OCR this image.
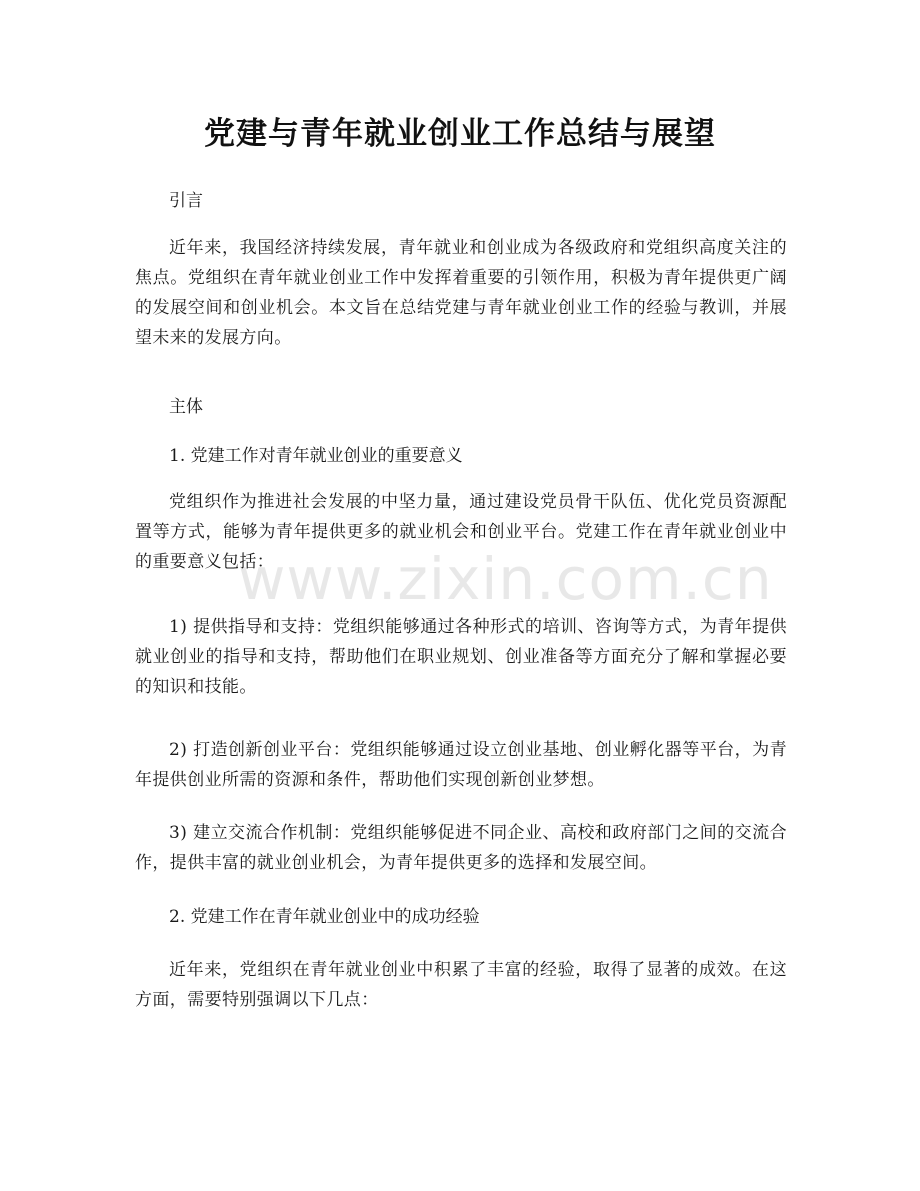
www.zixin.com.cn
党建与青年就业创业工作总结与展望

引言

近年来，我国经济持续发展，青年就业和创业成为各级政府和党组织高度关注的焦点。党组织在青年就业创业工作中发挥着重要的引领作用，积极为青年提供更广阔的发展空间和创业机会。本文旨在总结党建与青年就业创业工作的经验与教训，并展望未来的发展方向。

主体

1. 党建工作对青年就业创业的重要意义

党组织作为推进社会发展的中坚力量，通过建设党员骨干队伍、优化党员资源配置等方式，能够为青年提供更多的就业机会和创业平台。党建工作在青年就业创业中的重要意义包括：

1) 提供指导和支持：党组织能够通过各种形式的培训、咨询等方式，为青年提供就业创业的指导和支持，帮助他们在职业规划、创业准备等方面充分了解和掌握必要的知识和技能。

2) 打造创新创业平台：党组织能够通过设立创业基地、创业孵化器等平台，为青年提供创业所需的资源和条件，帮助他们实现创新创业梦想。

3) 建立交流合作机制：党组织能够促进不同企业、高校和政府部门之间的交流合作，提供丰富的就业创业机会，为青年提供更多的选择和发展空间。

2. 党建工作在青年就业创业中的成功经验

近年来，党组织在青年就业创业中积累了丰富的经验，取得了显著的成效。在这方面，需要特别强调以下几点：
